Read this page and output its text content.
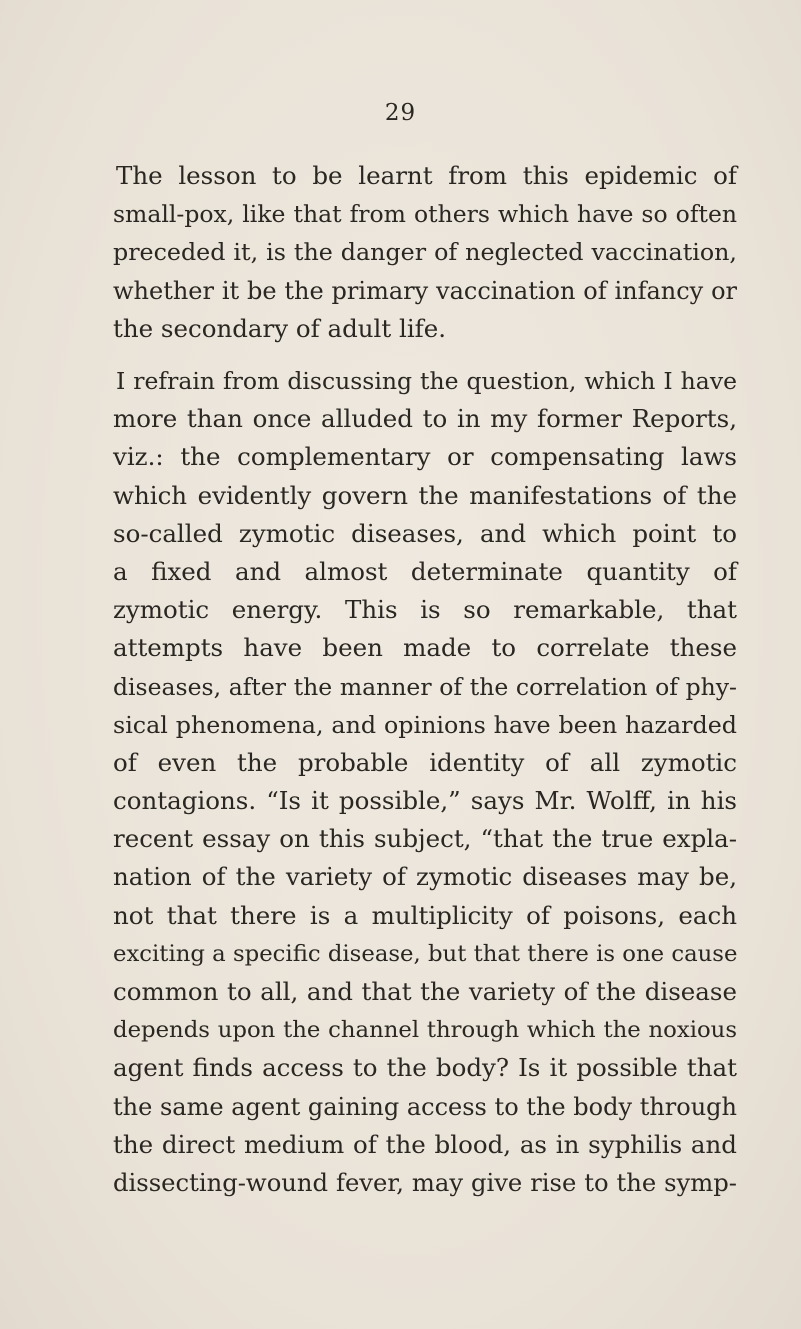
29
The lesson to be learnt from this epidemic of
small-pox, like that from others which have so often
preceded it, is the danger of neglected vaccination,
whether it be the primary vaccination of infancy or
the secondary of adult life.
I refrain from discussing the question, which I have
more than once alluded to in my former Reports,
viz.: the complementary or compensating laws
which evidently govern the manifestations of the
so-called zymotic diseases, and which point to
a fixed and almost determinate quantity of
zymotic energy. This is so remarkable, that
attempts have been made to correlate these
diseases, after the manner of the correlation of phy-
sical phenomena, and opinions have been hazarded
of even the probable identity of all zymotic
contagions. “Is it possible,” says Mr. Wolff, in his
recent essay on this subject, “that the true expla-
nation of the variety of zymotic diseases may be,
not that there is a multiplicity of poisons, each
exciting a specific disease, but that there is one cause
common to all, and that the variety of the disease
depends upon the channel through which the noxious
agent finds access to the body? Is it possible that
the same agent gaining access to the body through
the direct medium of the blood, as in syphilis and
dissecting-wound fever, may give rise to the symp-
